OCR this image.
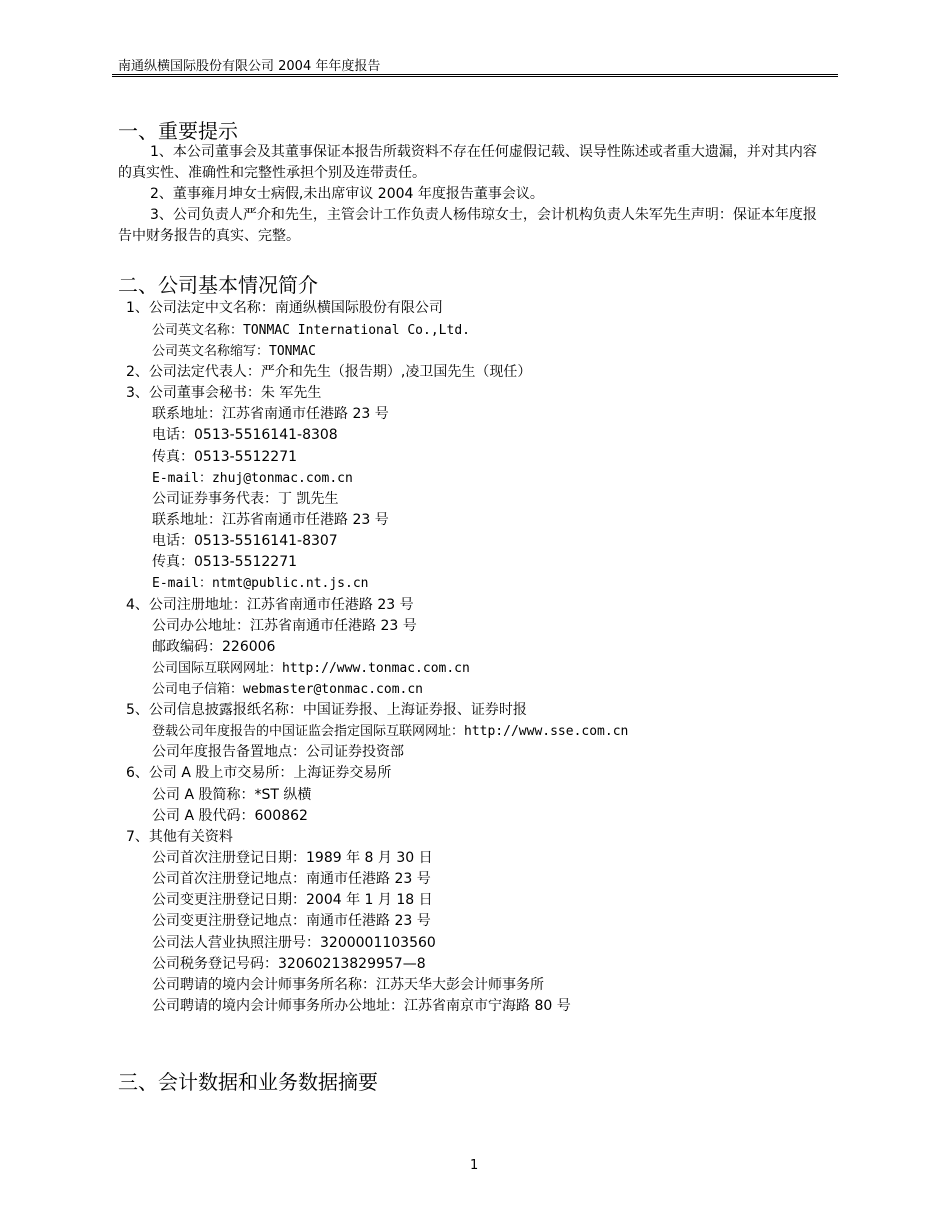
南通纵横国际股份有限公司 2004 年年度报告
一、重要提示

1、本公司董事会及其董事保证本报告所载资料不存在任何虚假记载、误导性陈述或者重大遗漏，并对其内容的真实性、准确性和完整性承担个别及连带责任。

2、董事雍月坤女士病假,未出席审议 2004 年度报告董事会议。

3、公司负责人严介和先生，主管会计工作负责人杨伟琼女士，会计机构负责人朱军先生声明：保证本年度报告中财务报告的真实、完整。

二、公司基本情况简介
1、公司法定中文名称：南通纵横国际股份有限公司
公司英文名称：TONMAC International Co.,Ltd.
公司英文名称缩写：TONMAC
2、公司法定代表人：严介和先生（报告期）,凌卫国先生（现任）
3、公司董事会秘书：朱 军先生
联系地址：江苏省南通市任港路 23 号
电话：0513-5516141-8308
传真：0513-5512271
E-mail：zhuj@tonmac.com.cn
公司证券事务代表：丁 凯先生
联系地址：江苏省南通市任港路 23 号
电话：0513-5516141-8307
传真：0513-5512271
E-mail：ntmt@public.nt.js.cn
4、公司注册地址：江苏省南通市任港路 23 号
公司办公地址：江苏省南通市任港路 23 号
邮政编码：226006
公司国际互联网网址：http://www.tonmac.com.cn
公司电子信箱：webmaster@tonmac.com.cn
5、公司信息披露报纸名称：中国证券报、上海证券报、证券时报
登载公司年度报告的中国证监会指定国际互联网网址：http://www.sse.com.cn
公司年度报告备置地点：公司证券投资部
6、公司 A 股上市交易所：上海证券交易所
公司 A 股简称：*ST 纵横
公司 A 股代码：600862
7、其他有关资料
公司首次注册登记日期：1989 年 8 月 30 日
公司首次注册登记地点：南通市任港路 23 号
公司变更注册登记日期：2004 年 1 月 18 日
公司变更注册登记地点：南通市任港路 23 号
公司法人营业执照注册号：3200001103560
公司税务登记号码：32060213829957—8
公司聘请的境内会计师事务所名称：江苏天华大彭会计师事务所
公司聘请的境内会计师事务所办公地址：江苏省南京市宁海路 80 号
三、会计数据和业务数据摘要
1
